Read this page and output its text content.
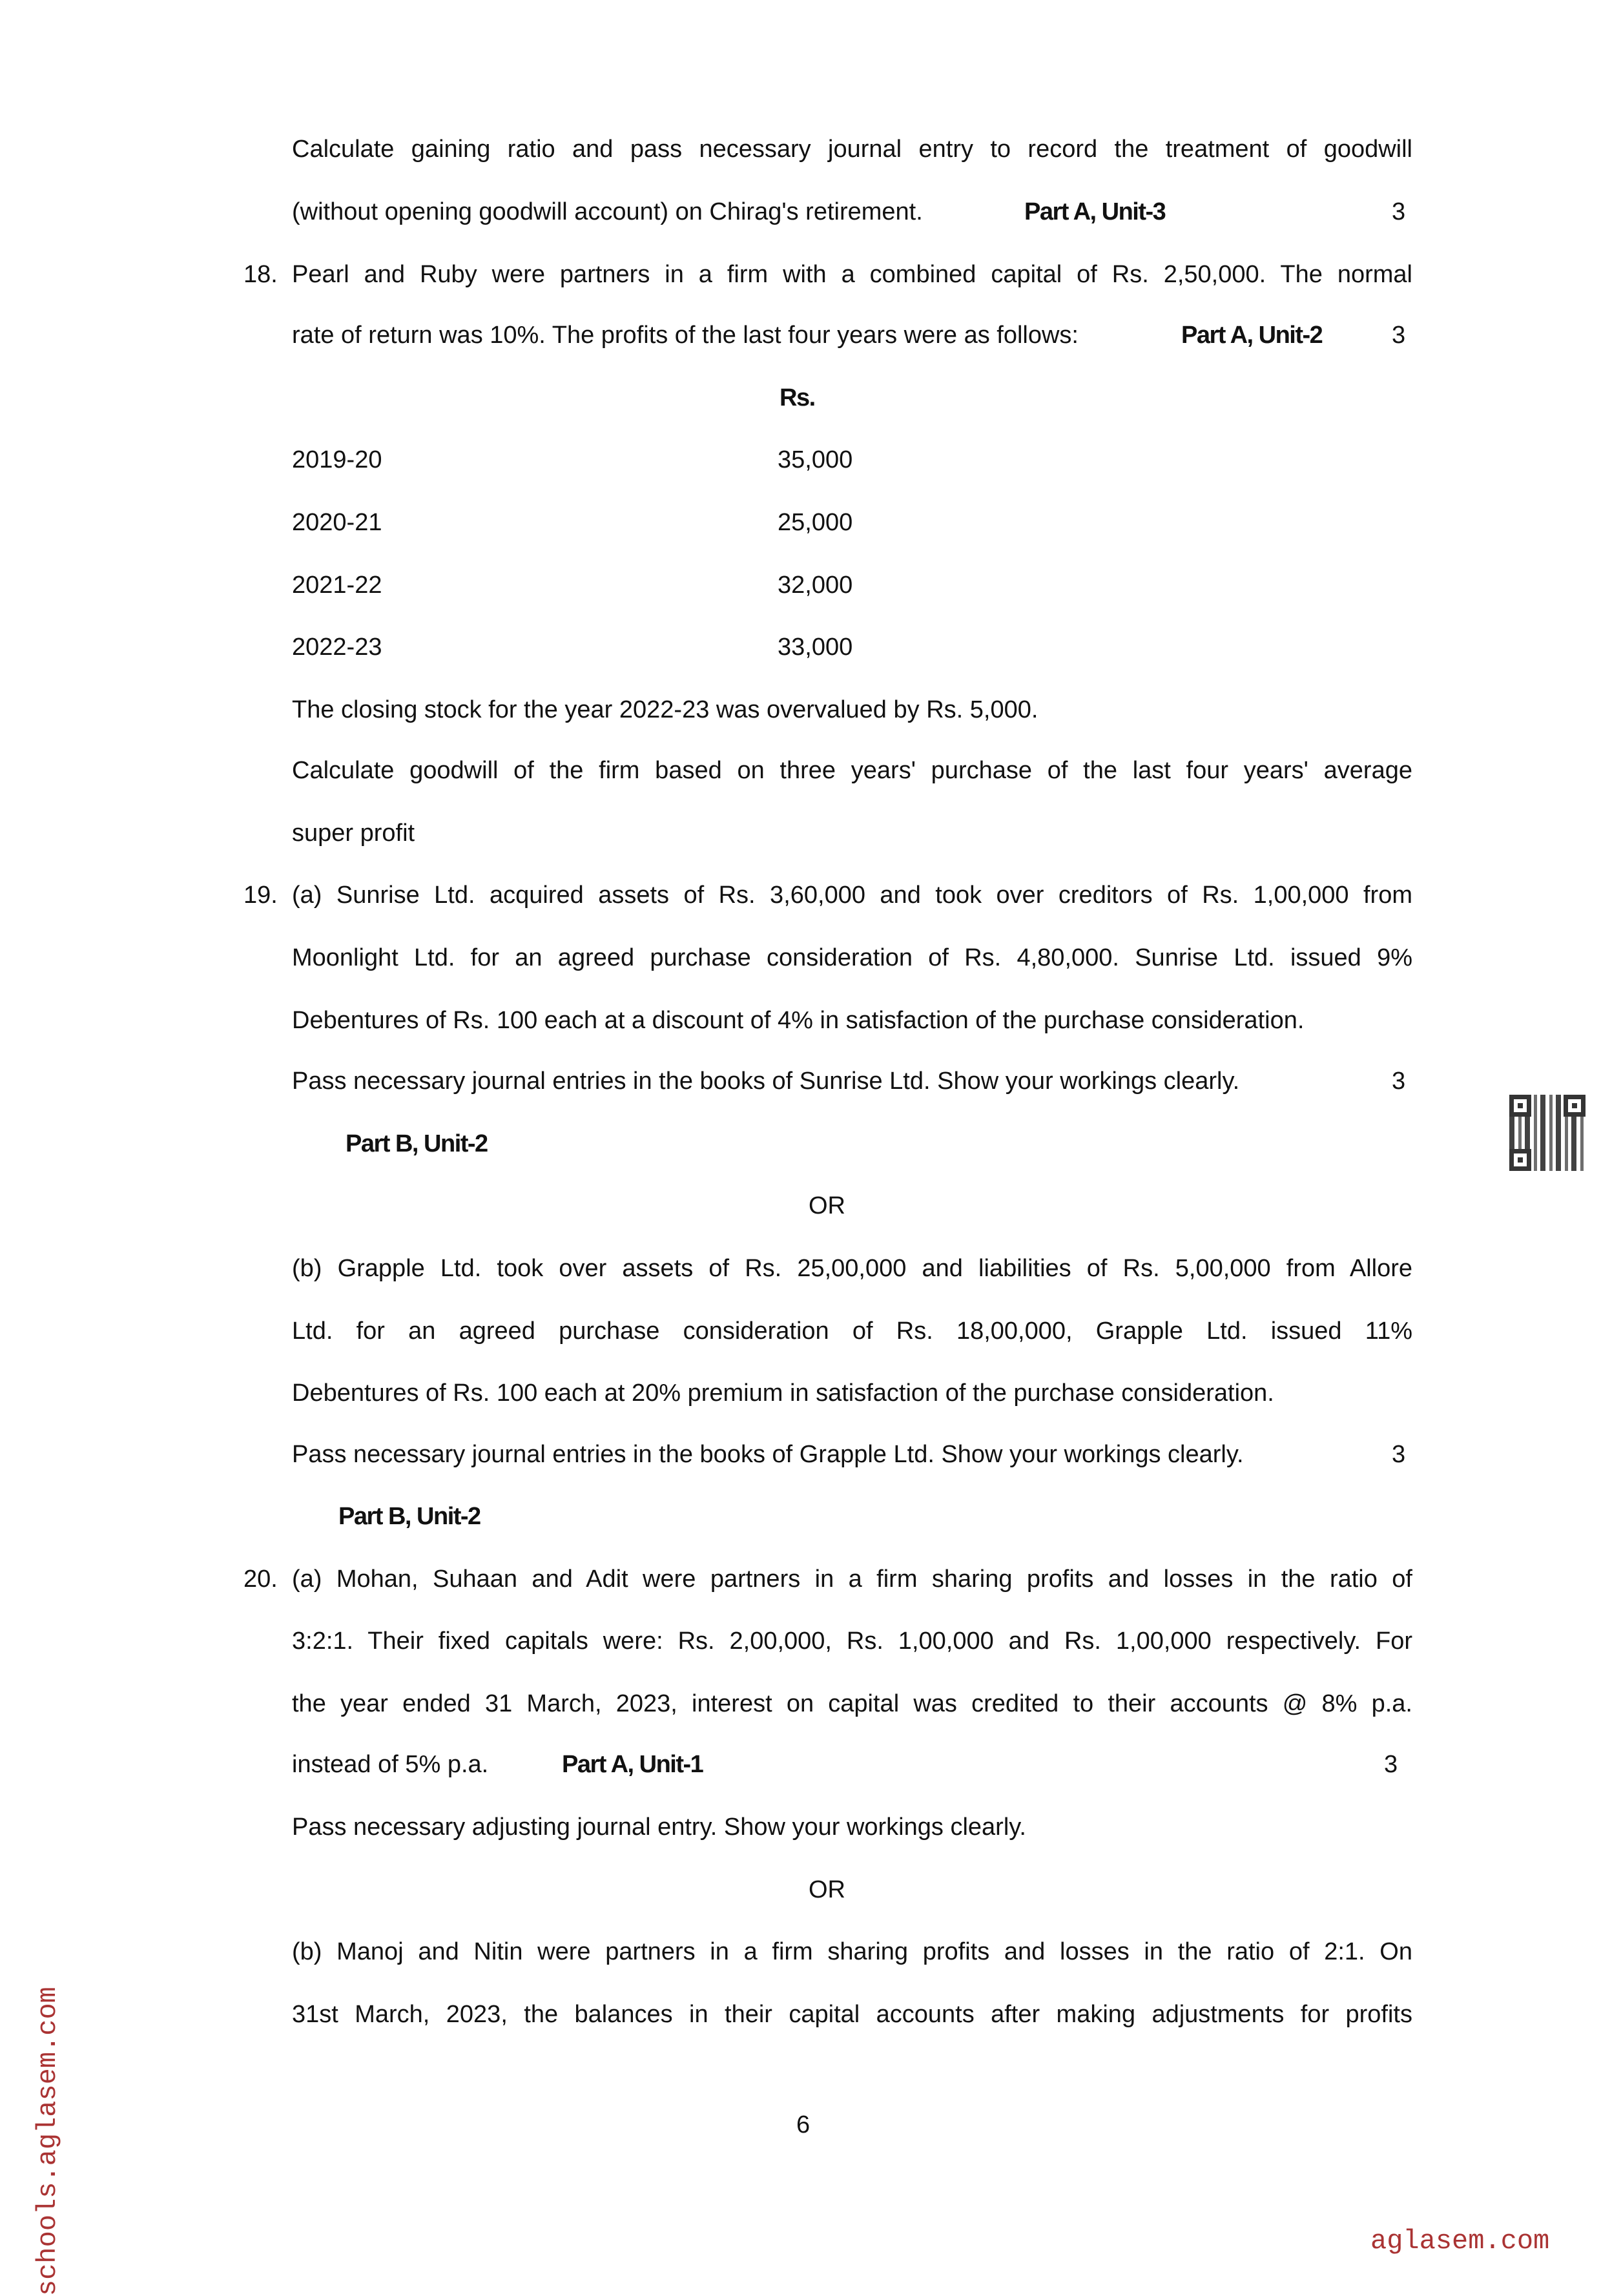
Calculate gaining ratio and pass necessary journal entry to record the treatment of goodwill
(without opening goodwill account) on Chirag's retirement.	Part A, Unit-3	3
18. Pearl and Ruby were partners in a firm with a combined capital of Rs. 2,50,000. The normal
rate of return was 10%. The profits of the last four years were as follows:	Part A, Unit-2	3
Rs.
2019-20	35,000
2020-21	25,000
2021-22	32,000
2022-23	33,000
The closing stock for the year 2022-23 was overvalued by Rs. 5,000.
Calculate goodwill of the firm based on three years' purchase of the last four years' average
super profit
19. (a) Sunrise Ltd. acquired assets of Rs. 3,60,000 and took over creditors of Rs. 1,00,000 from
Moonlight Ltd. for an agreed purchase consideration of Rs. 4,80,000. Sunrise Ltd. issued 9%
Debentures of Rs. 100 each at a discount of 4% in satisfaction of the purchase consideration.
Pass necessary journal entries in the books of Sunrise Ltd. Show your workings clearly.	3
Part B, Unit-2
OR
(b) Grapple Ltd. took over assets of Rs. 25,00,000 and liabilities of Rs. 5,00,000 from Allore
Ltd. for an agreed purchase consideration of Rs. 18,00,000, Grapple Ltd. issued 11%
Debentures of Rs. 100 each at 20% premium in satisfaction of the purchase consideration.
Pass necessary journal entries in the books of Grapple Ltd. Show your workings clearly.	3
Part B, Unit-2
20. (a) Mohan, Suhaan and Adit were partners in a firm sharing profits and losses in the ratio of
3:2:1. Their fixed capitals were: Rs. 2,00,000, Rs. 1,00,000 and Rs. 1,00,000 respectively. For
the year ended 31 March, 2023, interest on capital was credited to their accounts @ 8% p.a.
instead of 5% p.a.	Part A, Unit-1	3
Pass necessary adjusting journal entry. Show your workings clearly.
OR
(b) Manoj and Nitin were partners in a firm sharing profits and losses in the ratio of 2:1. On
31st March, 2023, the balances in their capital accounts after making adjustments for profits
6
schools.aglasem.com	aglasem.com
